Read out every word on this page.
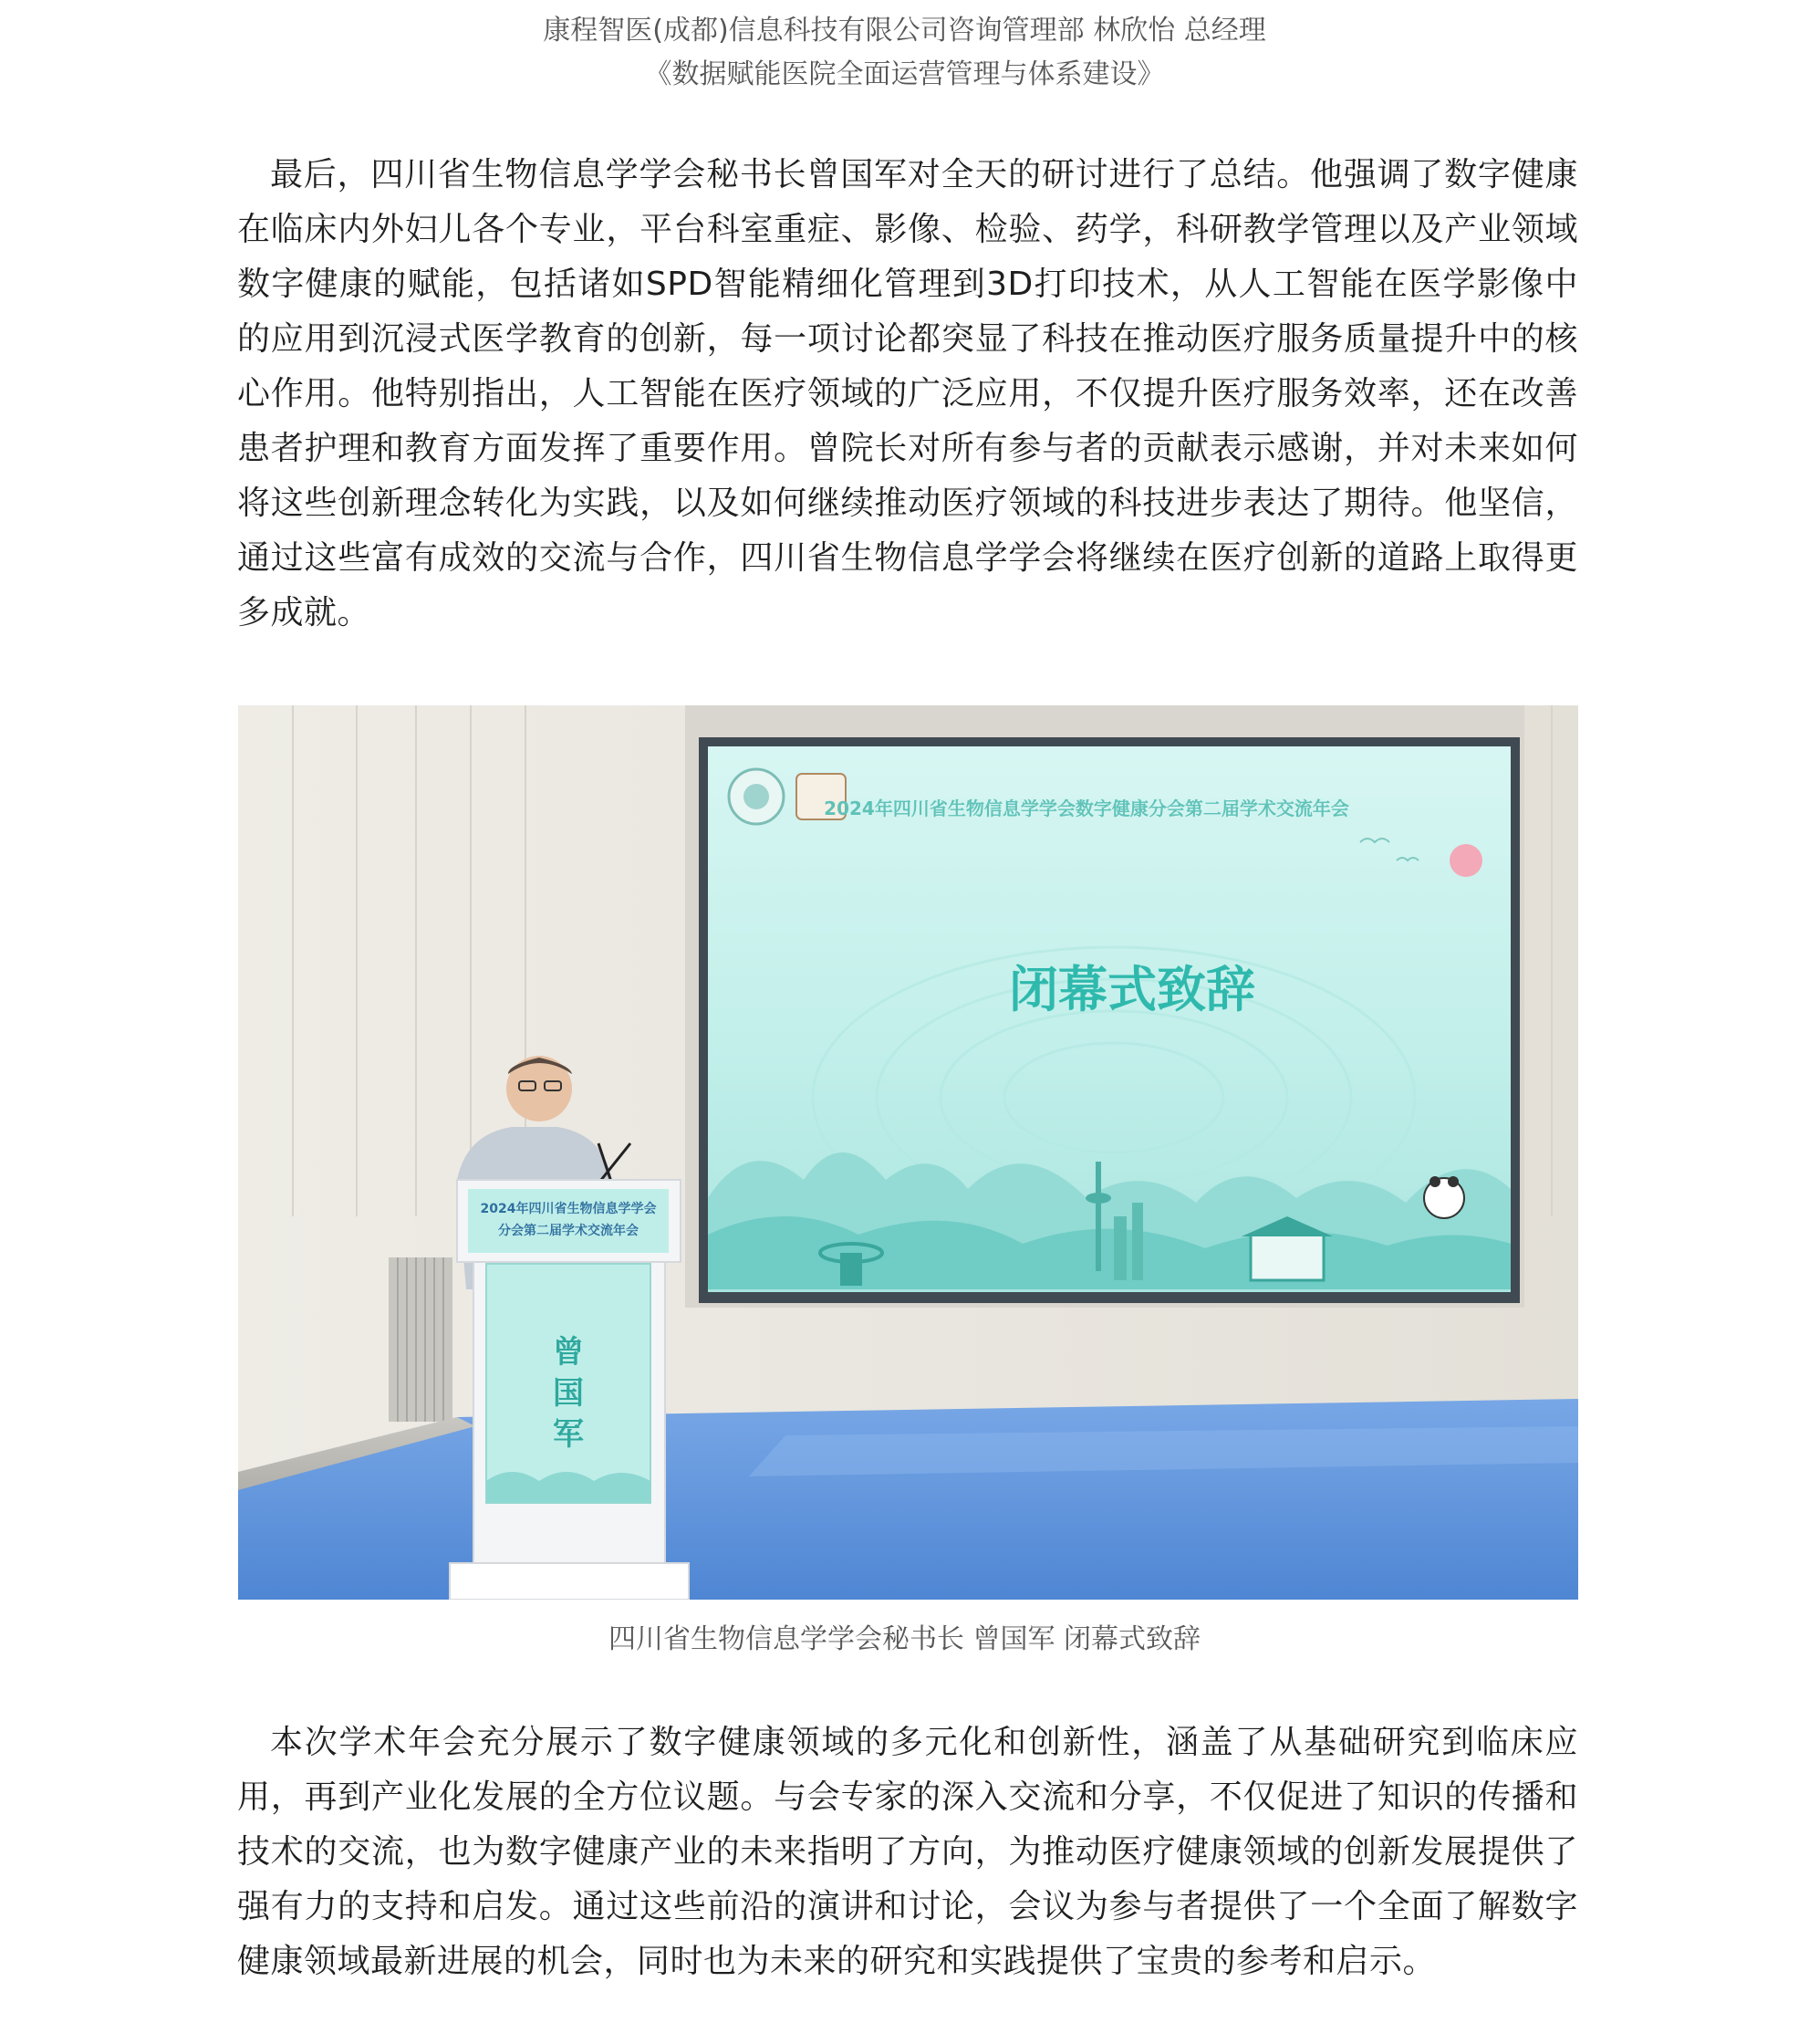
康程智医(成都)信息科技有限公司咨询管理部 林欣怡 总经理
《数据赋能医院全面运营管理与体系建设》

最后，四川省生物信息学学会秘书长曾国军对全天的研讨进行了总结。他强调了数字健康在临床内外妇儿各个专业，平台科室重症、影像、检验、药学，科研教学管理以及产业领域数字健康的赋能，包括诸如SPD智能精细化管理到3D打印技术，从人工智能在医学影像中的应用到沉浸式医学教育的创新，每一项讨论都突显了科技在推动医疗服务质量提升中的核心作用。他特别指出，人工智能在医疗领域的广泛应用，不仅提升医疗服务效率，还在改善患者护理和教育方面发挥了重要作用。曾院长对所有参与者的贡献表示感谢，并对未来如何将这些创新理念转化为实践，以及如何继续推动医疗领域的科技进步表达了期待。他坚信，通过这些富有成效的交流与合作，四川省生物信息学学会将继续在医疗创新的道路上取得更多成就。

2024年四川省生物信息学学会数字健康分会第二届学术交流年会
闭幕式致辞
2024年四川省生物信息学学会
分会第二届学术交流年会
曾
国
军
四川省生物信息学学会秘书长 曾国军 闭幕式致辞

本次学术年会充分展示了数字健康领域的多元化和创新性，涵盖了从基础研究到临床应用，再到产业化发展的全方位议题。与会专家的深入交流和分享，不仅促进了知识的传播和技术的交流，也为数字健康产业的未来指明了方向，为推动医疗健康领域的创新发展提供了强有力的支持和启发。通过这些前沿的演讲和讨论，会议为参与者提供了一个全面了解数字健康领域最新进展的机会，同时也为未来的研究和实践提供了宝贵的参考和启示。
